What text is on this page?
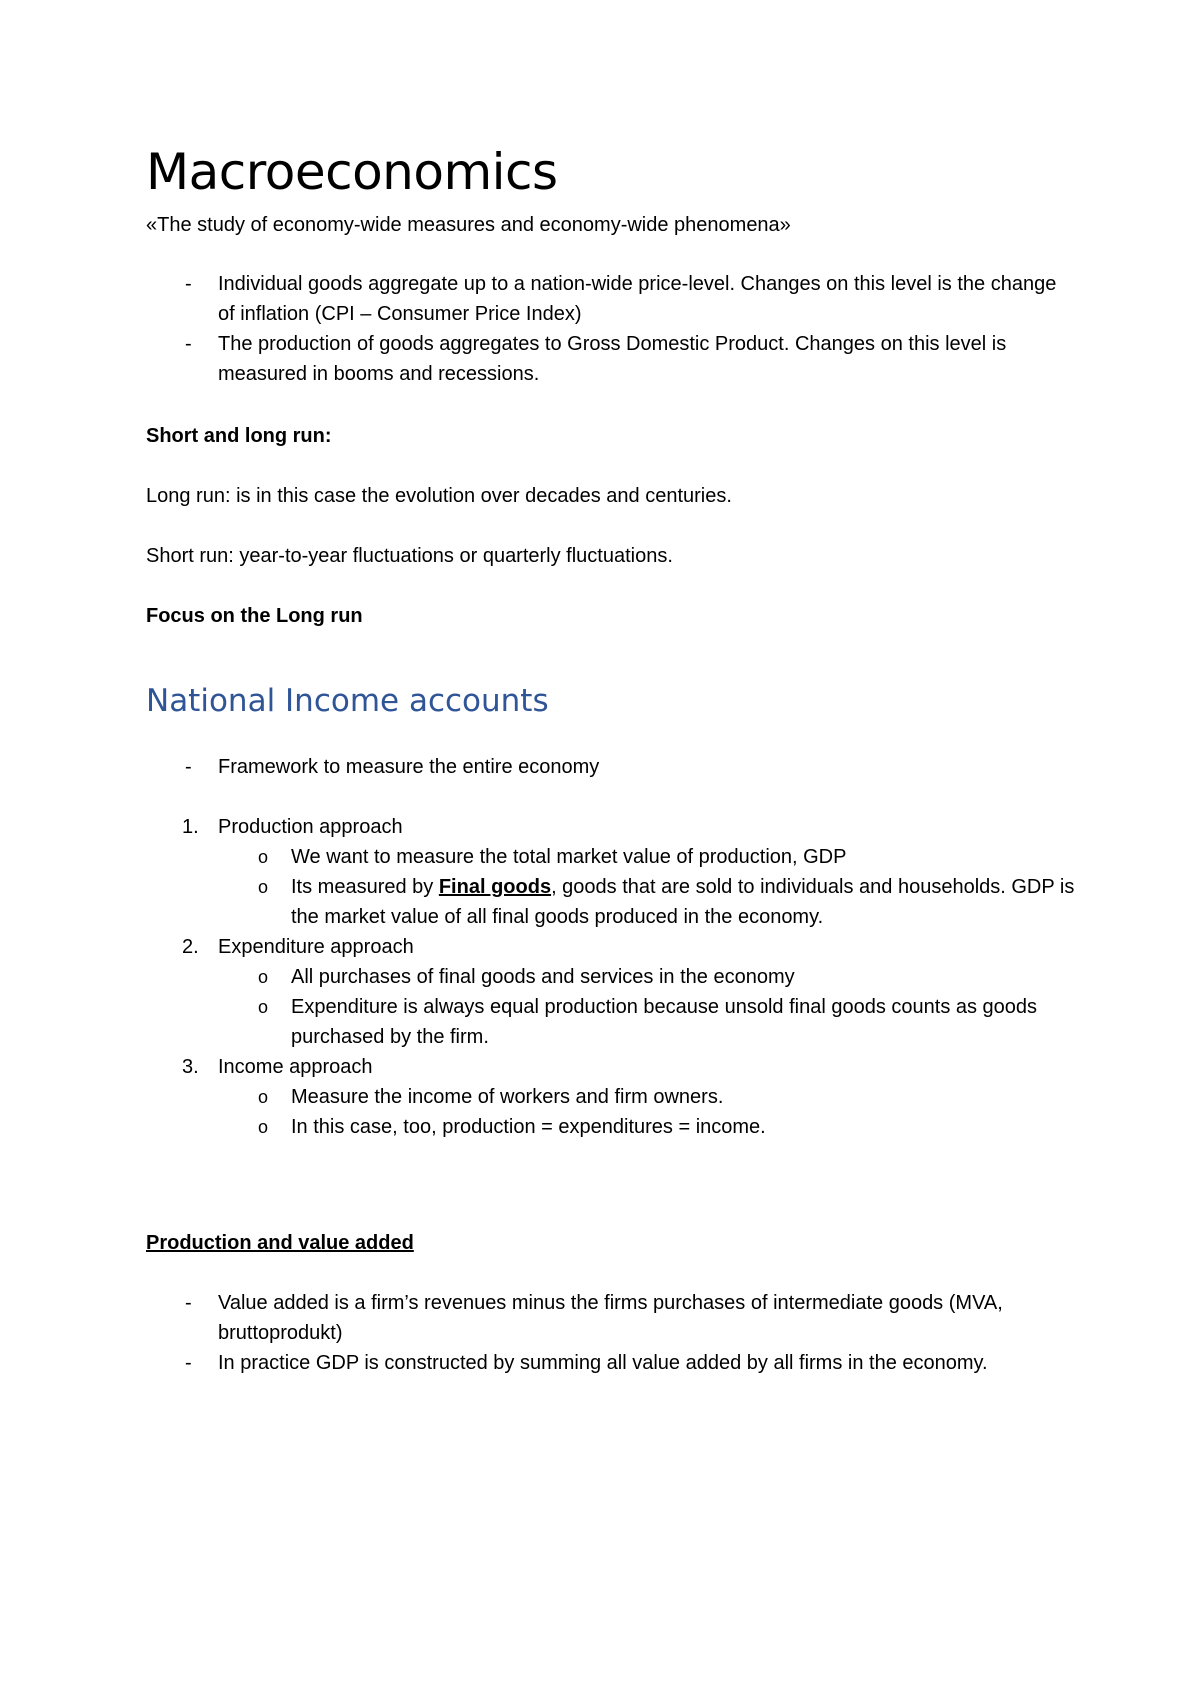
Macroeconomics
«The study of economy-wide measures and economy-wide phenomena»
- Individual goods aggregate up to a nation-wide price-level. Changes on this level is the change of inflation (CPI – Consumer Price Index)
- The production of goods aggregates to Gross Domestic Product. Changes on this level is measured in booms and recessions.
Short and long run:
Long run: is in this case the evolution over decades and centuries.
Short run: year-to-year fluctuations or quarterly fluctuations.
Focus on the Long run
National Income accounts
- Framework to measure the entire economy
1. Production approach
o We want to measure the total market value of production, GDP
o Its measured by Final goods, goods that are sold to individuals and households. GDP is the market value of all final goods produced in the economy.
2. Expenditure approach
o All purchases of final goods and services in the economy
o Expenditure is always equal production because unsold final goods counts as goods purchased by the firm.
3. Income approach
o Measure the income of workers and firm owners.
o In this case, too, production = expenditures = income.
Production and value added
- Value added is a firm’s revenues minus the firms purchases of intermediate goods (MVA, bruttoprodukt)
- In practice GDP is constructed by summing all value added by all firms in the economy.
